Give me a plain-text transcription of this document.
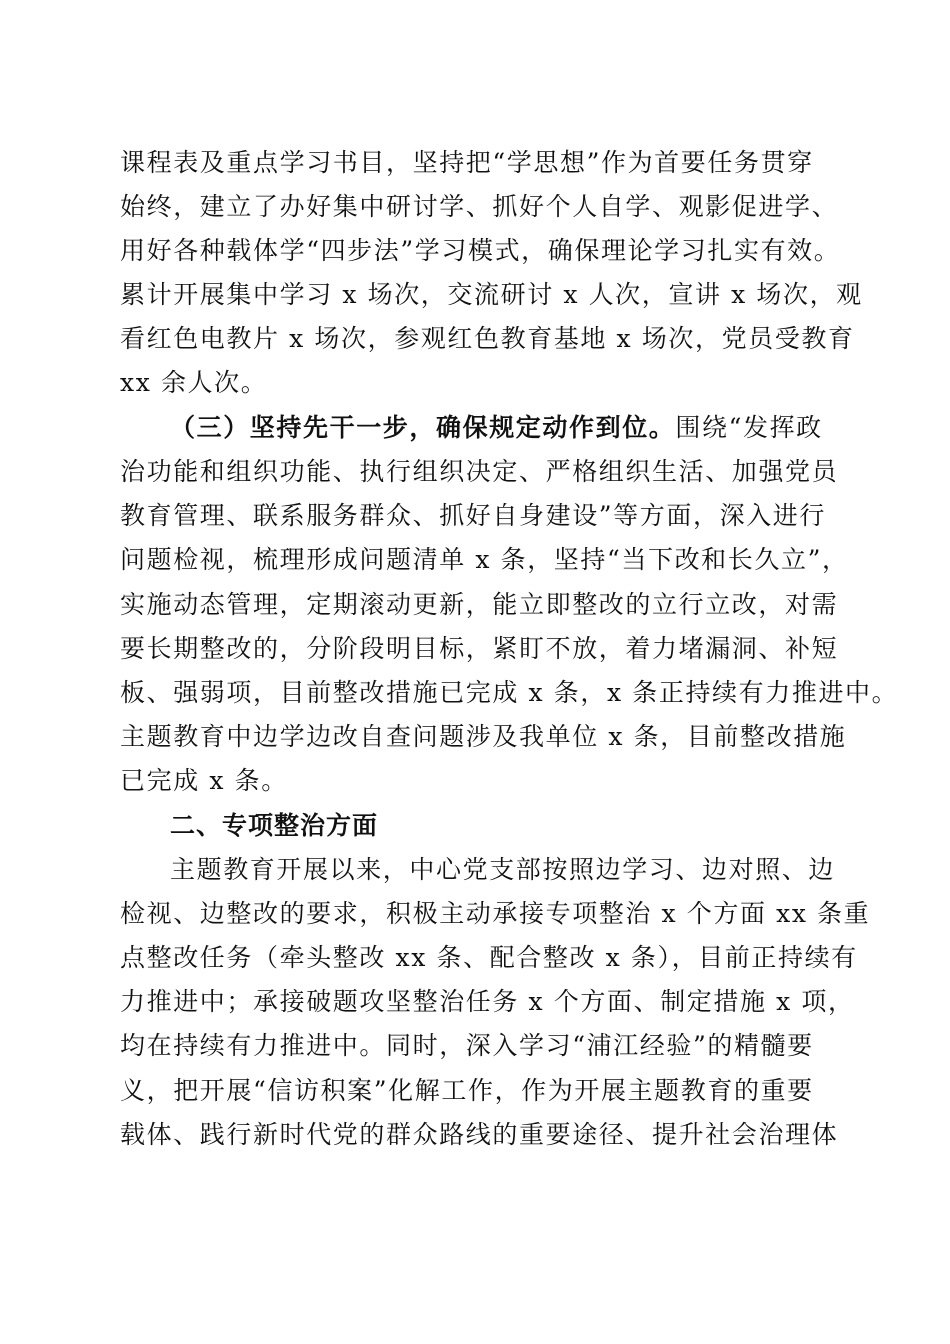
课程表及重点学习书目，坚持把“学思想”作为首要任务贯穿
始终，建立了办好集中研讨学、抓好个人自学、观影促进学、
用好各种载体学“四步法”学习模式，确保理论学习扎实有效。
累计开展集中学习 x 场次，交流研讨 x 人次，宣讲 x 场次，观
看红色电教片 x 场次，参观红色教育基地 x 场次，党员受教育
xx 余人次。
（三）坚持先干一步，确保规定动作到位。围绕“发挥政
治功能和组织功能、执行组织决定、严格组织生活、加强党员
教育管理、联系服务群众、抓好自身建设”等方面，深入进行
问题检视，梳理形成问题清单 x 条，坚持“当下改和长久立”，
实施动态管理，定期滚动更新，能立即整改的立行立改，对需
要长期整改的，分阶段明目标，紧盯不放，着力堵漏洞、补短
板、强弱项，目前整改措施已完成 x 条，x 条正持续有力推进中。
主题教育中边学边改自查问题涉及我单位 x 条，目前整改措施
已完成 x 条。
二、专项整治方面
主题教育开展以来，中心党支部按照边学习、边对照、边
检视、边整改的要求，积极主动承接专项整治 x 个方面 xx 条重
点整改任务（牵头整改 xx 条、配合整改 x 条），目前正持续有
力推进中；承接破题攻坚整治任务 x 个方面、制定措施 x 项，
均在持续有力推进中。同时，深入学习“浦江经验”的精髓要
义，把开展“信访积案”化解工作，作为开展主题教育的重要
载体、践行新时代党的群众路线的重要途径、提升社会治理体
